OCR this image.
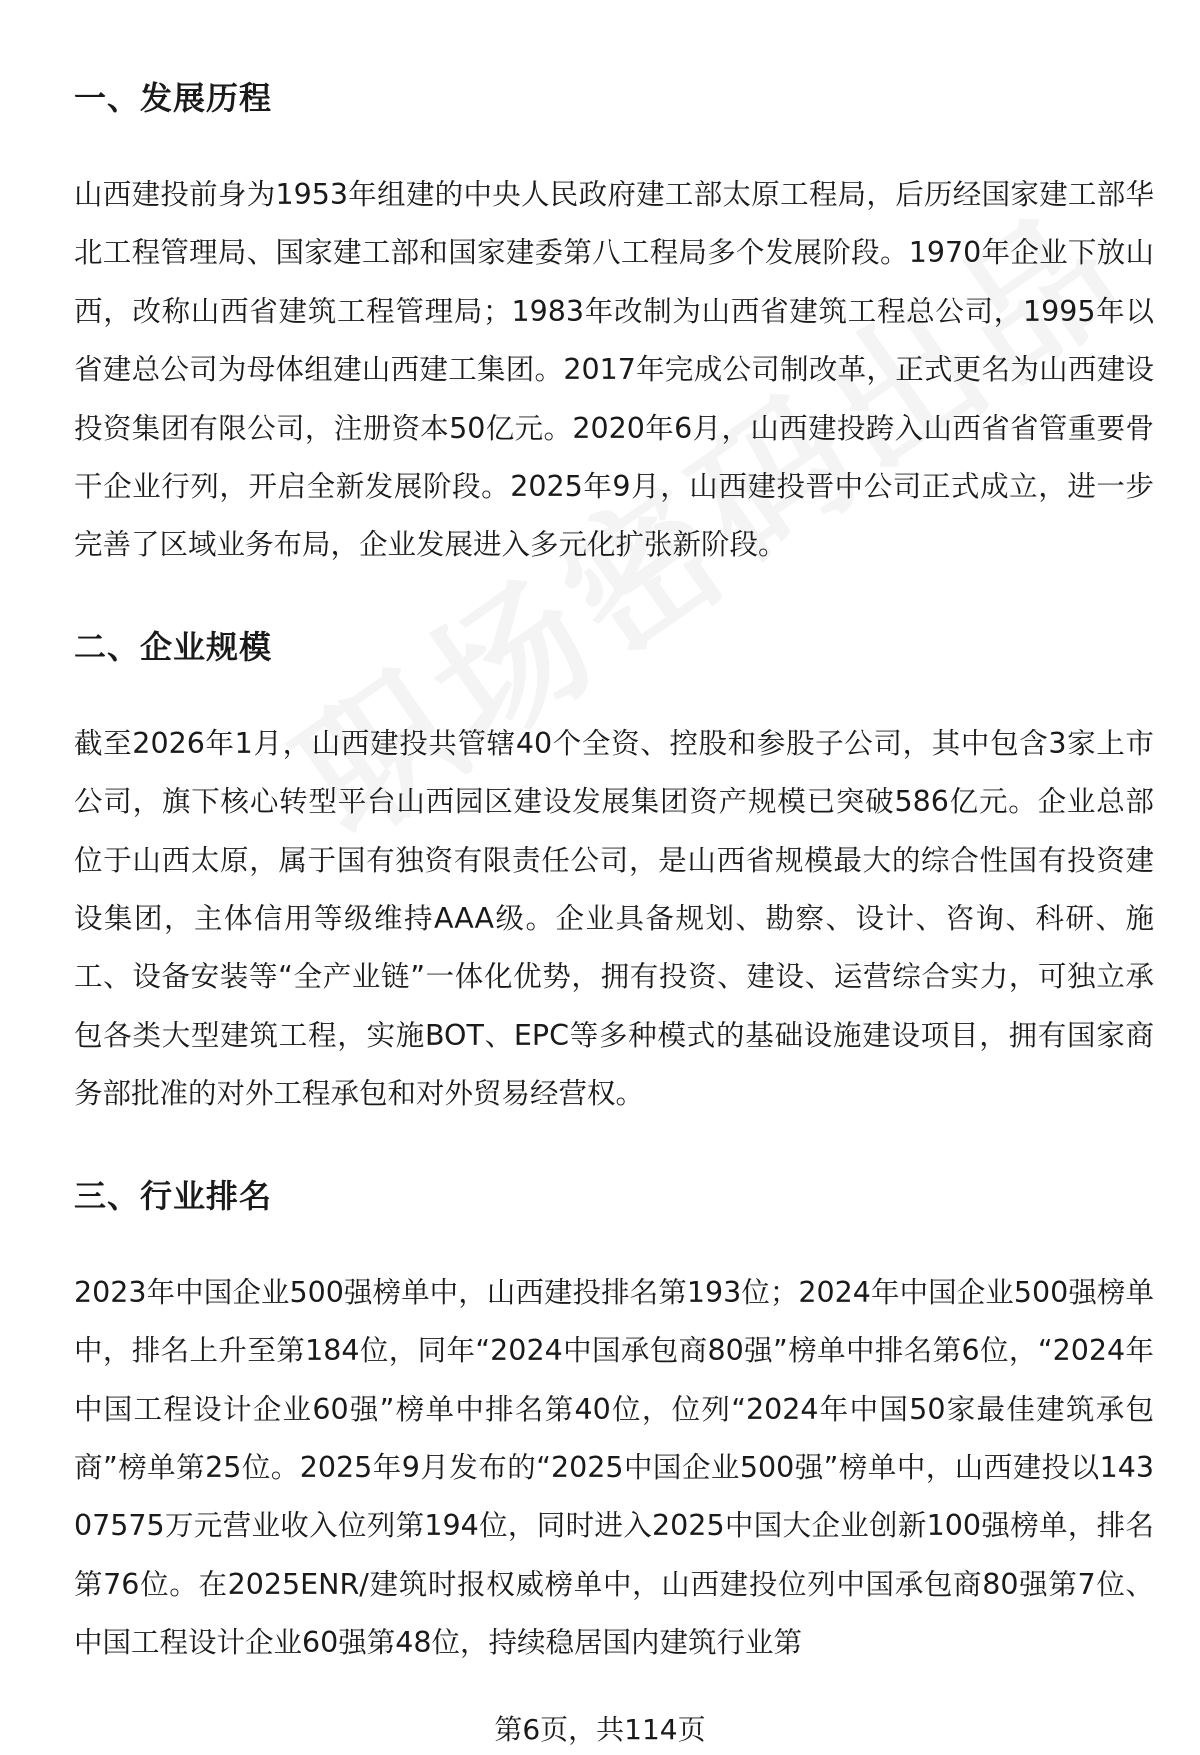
一、发展历程

山西建投前身为1953年组建的中央人民政府建工部太原工程局，后历经国家建工部华北工程管理局、国家建工部和国家建委第八工程局多个发展阶段。1970年企业下放山西，改称山西省建筑工程管理局；1983年改制为山西省建筑工程总公司，1995年以省建总公司为母体组建山西建工集团。2017年完成公司制改革，正式更名为山西建设投资集团有限公司，注册资本50亿元。2020年6月，山西建投跨入山西省省管重要骨干企业行列，开启全新发展阶段。2025年9月，山西建投晋中公司正式成立，进一步完善了区域业务布局，企业发展进入多元化扩张新阶段。

二、企业规模

截至2026年1月，山西建投共管辖40个全资、控股和参股子公司，其中包含3家上市公司，旗下核心转型平台山西园区建设发展集团资产规模已突破586亿元。企业总部位于山西太原，属于国有独资有限责任公司，是山西省规模最大的综合性国有投资建设集团，主体信用等级维持AAA级。企业具备规划、勘察、设计、咨询、科研、施工、设备安装等“全产业链”一体化优势，拥有投资、建设、运营综合实力，可独立承包各类大型建筑工程，实施BOT、EPC等多种模式的基础设施建设项目，拥有国家商务部批准的对外工程承包和对外贸易经营权。

三、行业排名

2023年中国企业500强榜单中，山西建投排名第193位；2024年中国企业500强榜单中，排名上升至第184位，同年“2024中国承包商80强”榜单中排名第6位，“2024年中国工程设计企业60强”榜单中排名第40位，位列“2024年中国50家最佳建筑承包商”榜单第25位。2025年9月发布的“2025中国企业500强”榜单中，山西建投以14307575万元营业收入位列第194位，同时进入2025中国大企业创新100强榜单，排名第76位。在2025ENR/建筑时报权威榜单中，山西建投位列中国承包商80强第7位、中国工程设计企业60强第48位，持续稳居国内建筑行业第

第6页，共114页
